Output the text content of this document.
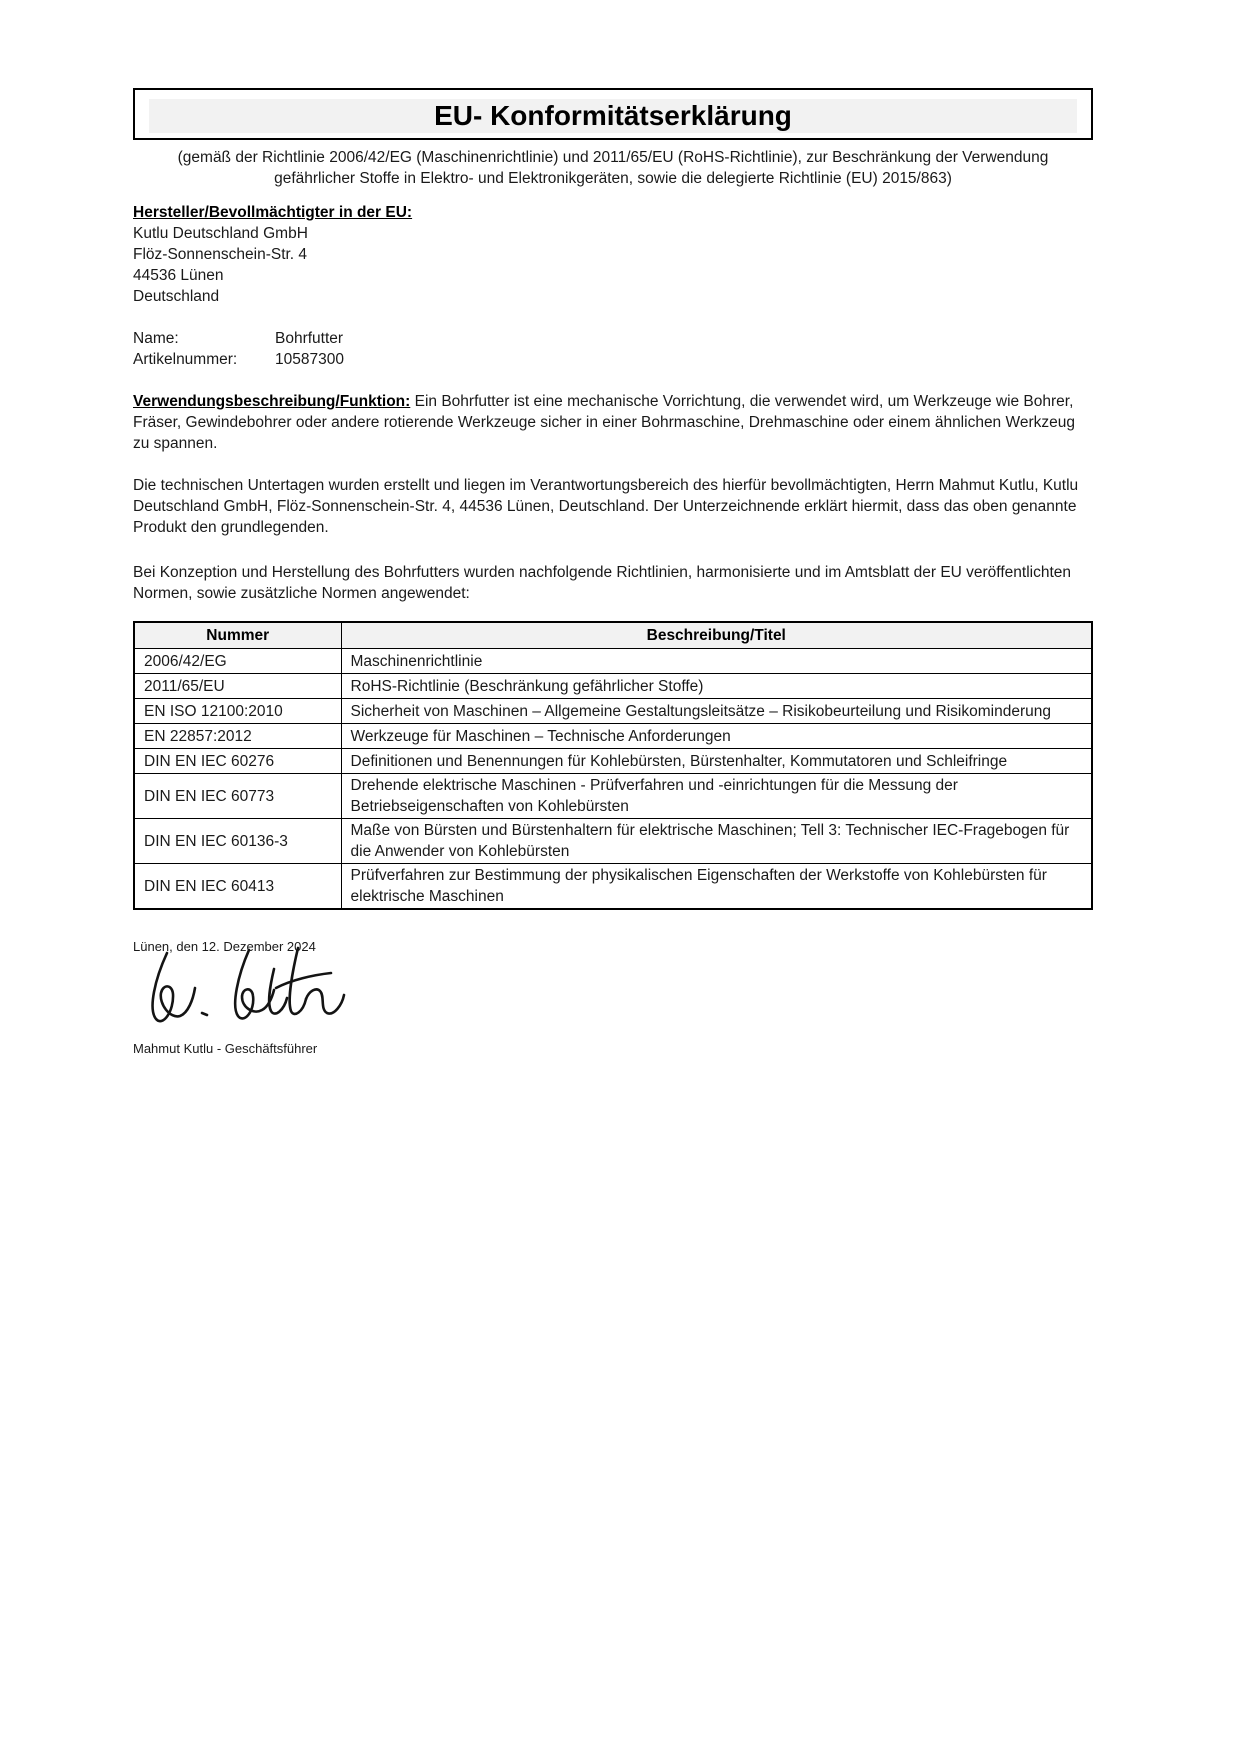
EU- Konformitätserklärung
(gemäß der Richtlinie 2006/42/EG (Maschinenrichtlinie) und 2011/65/EU (RoHS-Richtlinie), zur Beschränkung der Verwendung gefährlicher Stoffe in Elektro- und Elektronikgeräten, sowie die delegierte Richtlinie (EU) 2015/863)
Hersteller/Bevollmächtigter in der EU:
Kutlu Deutschland GmbH
Flöz-Sonnenschein-Str. 4
44536 Lünen
Deutschland
Name:	Bohrfutter
Artikelnummer:	10587300
Verwendungsbeschreibung/Funktion: Ein Bohrfutter ist eine mechanische Vorrichtung, die verwendet wird, um Werkzeuge wie Bohrer, Fräser, Gewindebohrer oder andere rotierende Werkzeuge sicher in einer Bohrmaschine, Drehmaschine oder einem ähnlichen Werkzeug zu spannen.
Die technischen Untertagen wurden erstellt und liegen im Verantwortungsbereich des hierfür bevollmächtigten, Herrn Mahmut Kutlu, Kutlu Deutschland GmbH, Flöz-Sonnenschein-Str. 4, 44536 Lünen, Deutschland. Der Unterzeichnende erklärt hiermit, dass das oben genannte Produkt den grundlegenden.
Bei Konzeption und Herstellung des Bohrfutters wurden nachfolgende Richtlinien, harmonisierte und im Amtsblatt der EU veröffentlichten Normen, sowie zusätzliche Normen angewendet:
Nummer	Beschreibung/Titel
2006/42/EG	Maschinenrichtlinie
2011/65/EU	RoHS-Richtlinie (Beschränkung gefährlicher Stoffe)
EN ISO 12100:2010	Sicherheit von Maschinen – Allgemeine Gestaltungsleitsätze – Risikobeurteilung und Risikominderung
EN 22857:2012	Werkzeuge für Maschinen – Technische Anforderungen
DIN EN IEC 60276	Definitionen und Benennungen für Kohlebürsten, Bürstenhalter, Kommutatoren und Schleifringe
DIN EN IEC 60773	Drehende elektrische Maschinen - Prüfverfahren und -einrichtungen für die Messung der Betriebseigenschaften von Kohlebürsten
DIN EN IEC 60136-3	Maße von Bürsten und Bürstenhaltern für elektrische Maschinen; Tell 3: Technischer IEC-Fragebogen für die Anwender von Kohlebürsten
DIN EN IEC 60413	Prüfverfahren zur Bestimmung der physikalischen Eigenschaften der Werkstoffe von Kohlebürsten für elektrische Maschinen
Lünen, den 12. Dezember 2024
Mahmut Kutlu - Geschäftsführer
